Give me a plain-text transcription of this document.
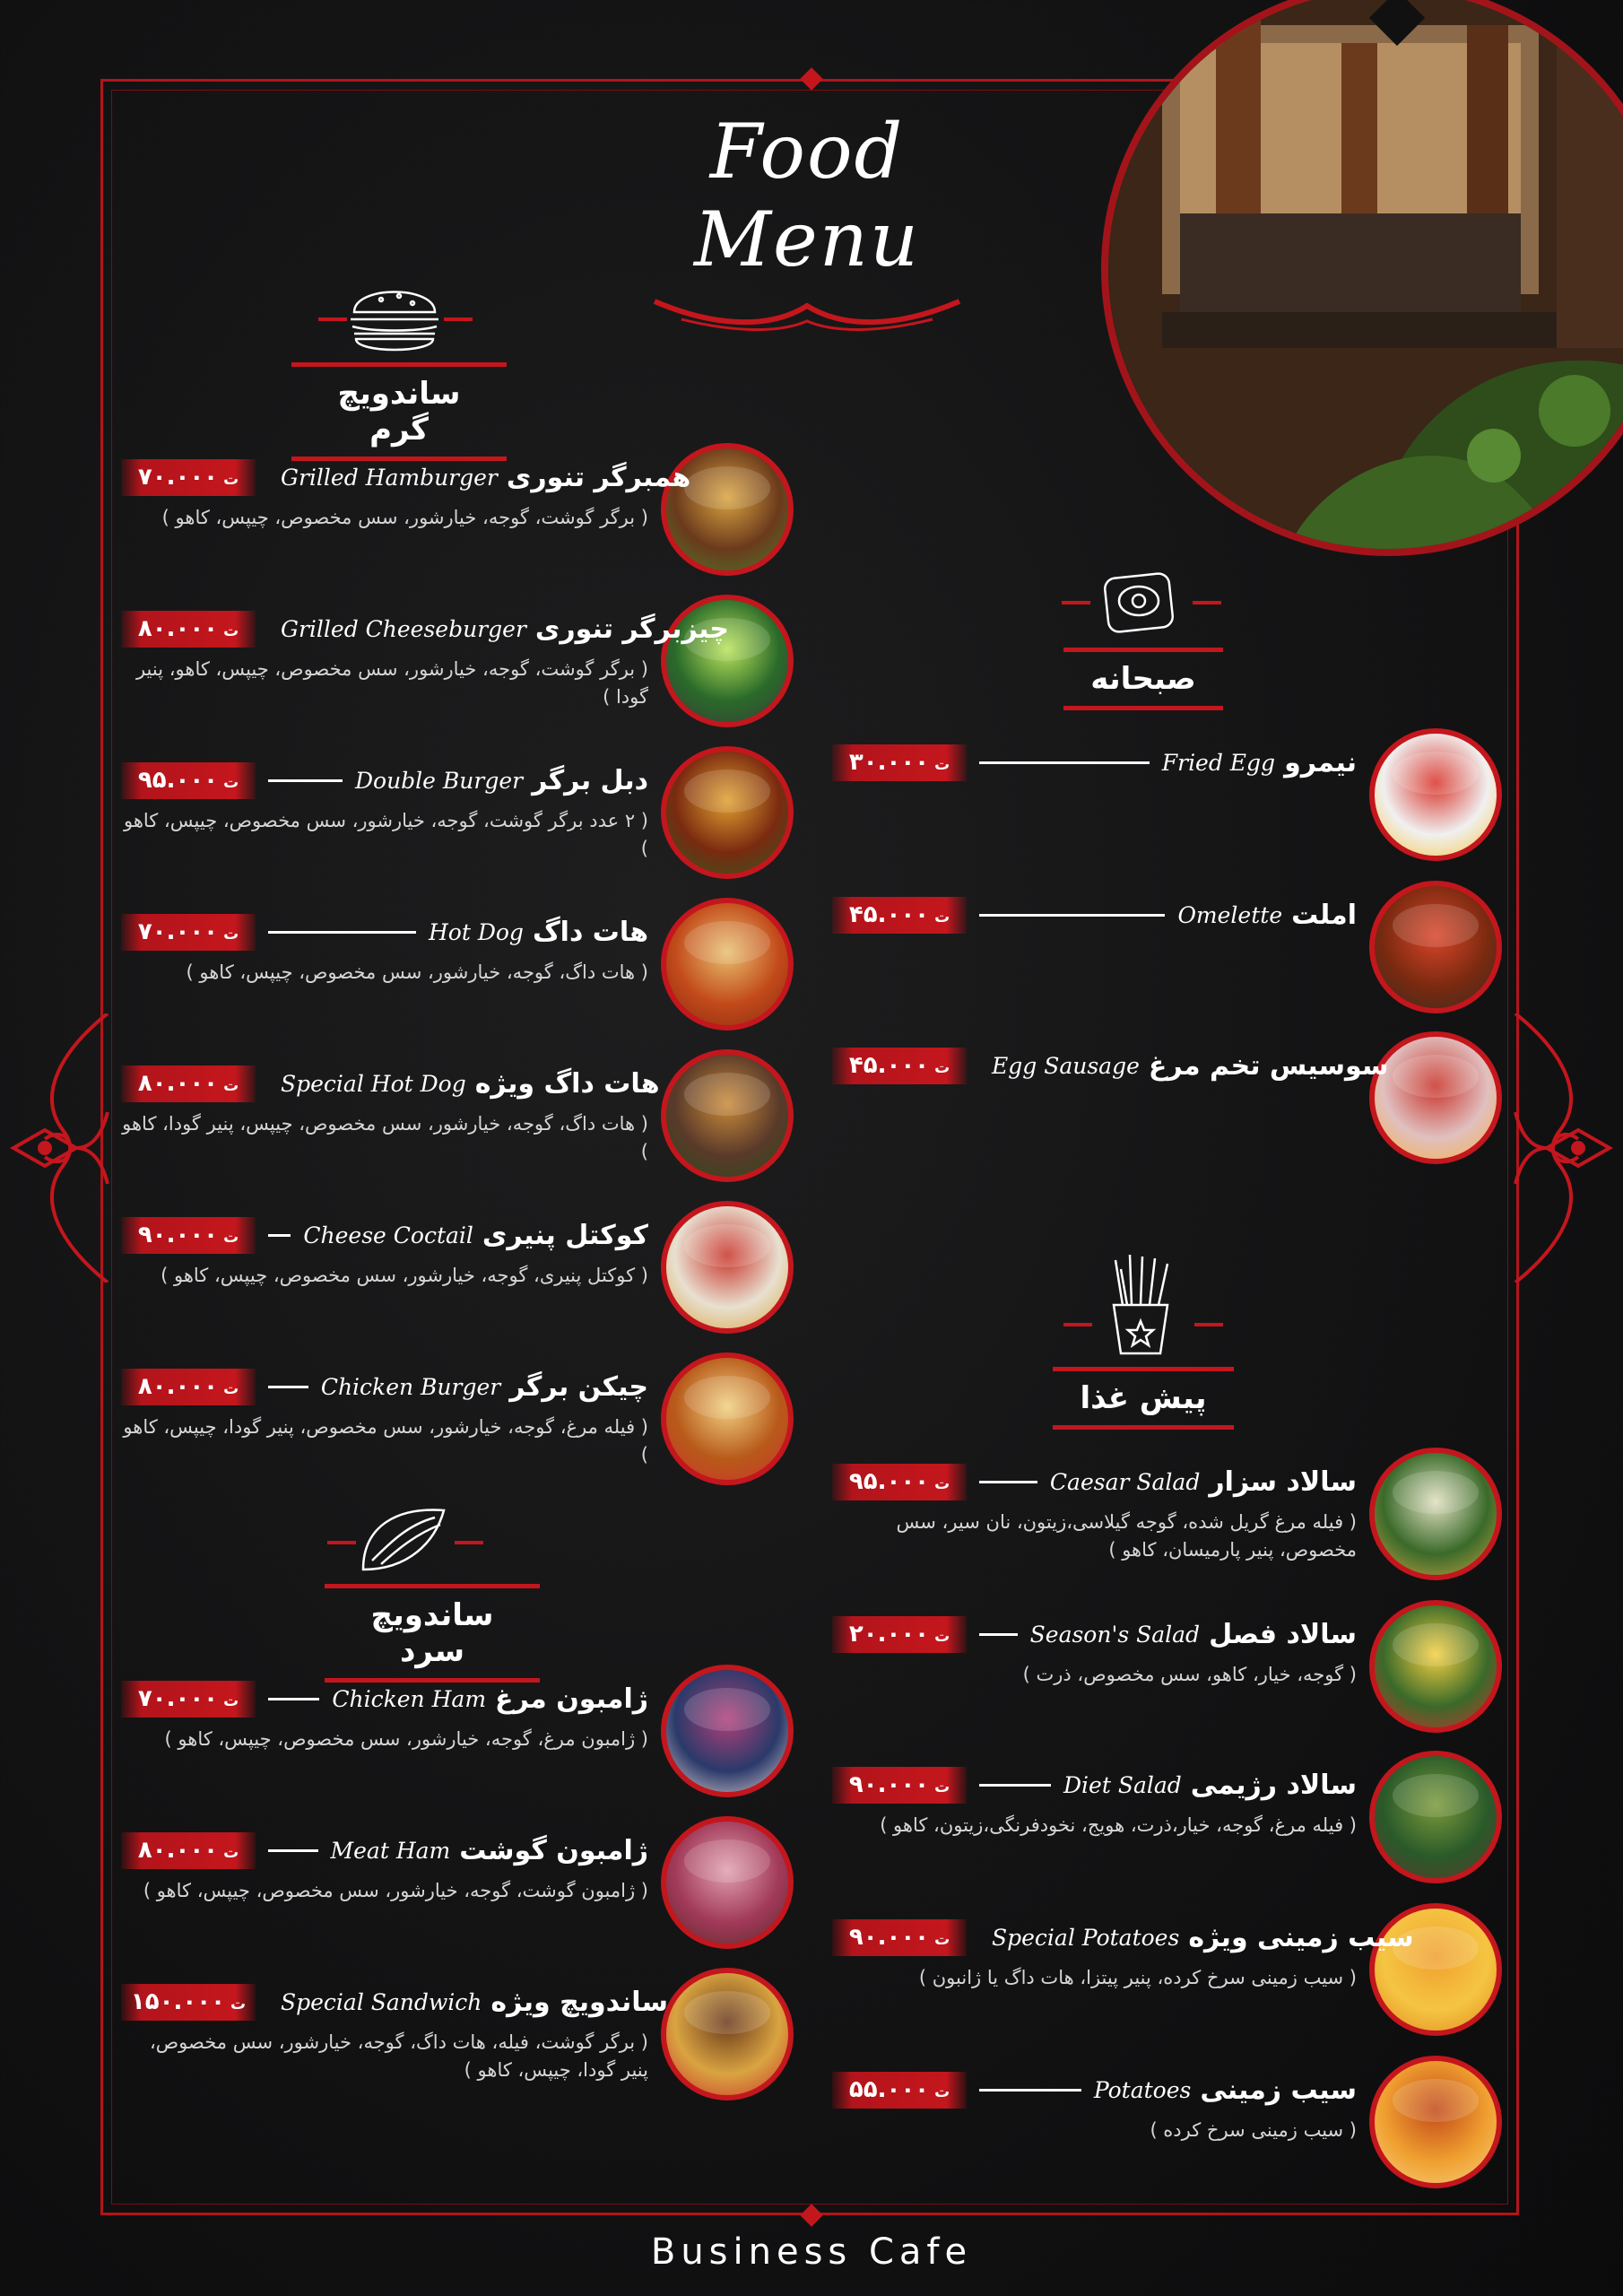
Food Menu
ساندویچ گرم
ساندویچ سرد
صبحانه
پیش غذا
۷۰.۰۰۰ ت	Grilled Hamburger همبرگر تنوری
( برگر گوشت، گوجه، خیارشور، سس مخصوص، چیپس، کاهو )
۸۰.۰۰۰ ت	Grilled Cheeseburger چیزبرگر تنوری
( برگر گوشت، گوجه، خیارشور، سس مخصوص، چیپس، کاهو، پنیر گودا )
۹۵.۰۰۰ ت	Double Burger دبل برگر
( ۲ عدد برگر گوشت، گوجه، خیارشور، سس مخصوص، چیپس، کاهو )
۷۰.۰۰۰ ت	Hot Dog هات داگ
( هات داگ، گوجه، خیارشور، سس مخصوص، چیپس، کاهو )
۸۰.۰۰۰ ت	Special Hot Dog هات داگ ویژه
( هات داگ، گوجه، خیارشور، سس مخصوص، چیپس، پنیر گودا، کاهو )
۹۰.۰۰۰ ت	Cheese Coctail کوکتل پنیری
( کوکتل پنیری، گوجه، خیارشور، سس مخصوص، چیپس، کاهو )
۸۰.۰۰۰ ت	Chicken Burger چیکن برگر
( فیله مرغ، گوجه، خیارشور، سس مخصوص، پنیر گودا، چیپس، کاهو )
۷۰.۰۰۰ ت	Chicken Ham ژامبون مرغ
( ژامبون مرغ، گوجه، خیارشور، سس مخصوص، چیپس، کاهو )
۸۰.۰۰۰ ت	Meat Ham ژامبون گوشت
( ژامبون گوشت، گوجه، خیارشور، سس مخصوص، چیپس، کاهو )
۱۵۰.۰۰۰ ت	Special Sandwich ساندویچ ویژه
( برگر گوشت، فیله، هات داگ، گوجه، خیارشور، سس مخصوص، پنیر گودا، چیپس، کاهو )
۳۰.۰۰۰ ت	Fried Egg نیمرو
۴۵.۰۰۰ ت	Omelette املت
۴۵.۰۰۰ ت	Egg Sausage سوسیس تخم مرغ
۹۵.۰۰۰ ت	Caesar Salad سالاد سزار
( فیله مرغ گریل شده، گوجه گیلاسی،زیتون، نان سیر، سس مخصوص، پنیر پارمیسان، کاهو )
۲۰.۰۰۰ ت	Season's Salad سالاد فصل
( گوجه، خیار، کاهو، سس مخصوص، ذرت )
۹۰.۰۰۰ ت	Diet Salad سالاد رژیمی
( فیله مرغ، گوجه، خیار،ذرت، هویج، نخودفرنگی،زیتون، کاهو )
۹۰.۰۰۰ ت	Special Potatoes سیب زمینی ویژه
( سیب زمینی سرخ کرده، پنیر پیتزا، هات داگ یا ژانبون )
۵۵.۰۰۰ ت	Potatoes سیب زمینی
( سیب زمینی سرخ کرده )
Business Cafe
